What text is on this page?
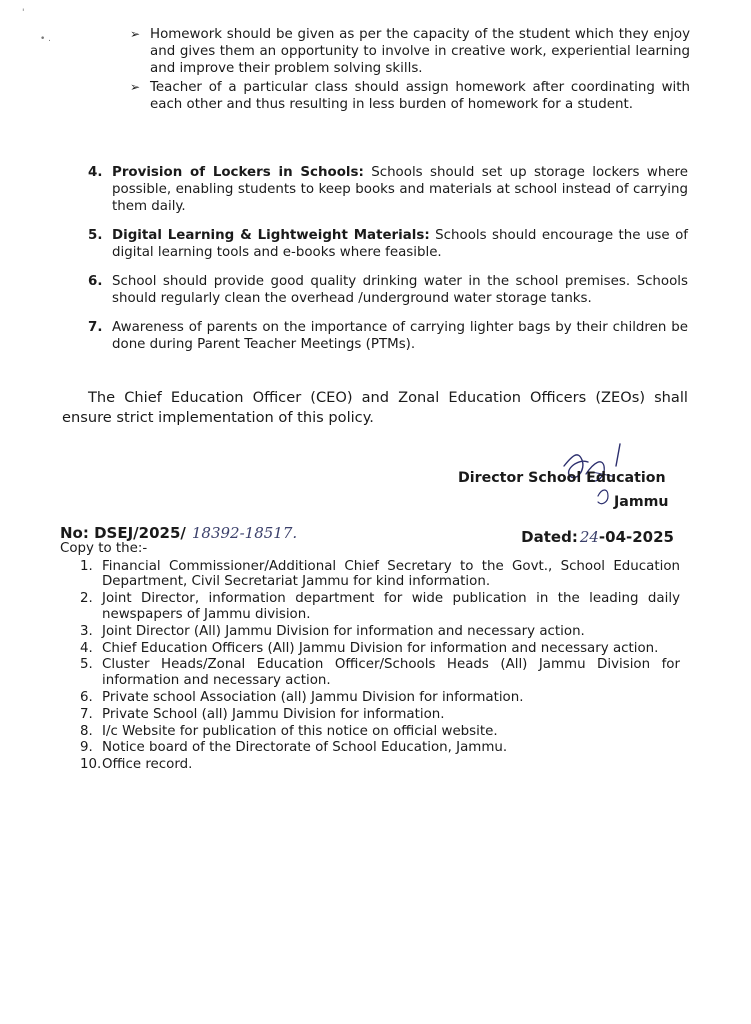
'
• .	➢ Homework should be given as per the capacity of the student which they enjoy and gives them an opportunity to involve in creative work, experiential learning and improve their problem solving skills.
➢ Teacher of a particular class should assign homework after coordinating with each other and thus resulting in less burden of homework for a student.
4. Provision of Lockers in Schools: Schools should set up storage lockers where possible, enabling students to keep books and materials at school instead of carrying them daily.
5. Digital Learning & Lightweight Materials: Schools should encourage the use of digital learning tools and e-books where feasible.
6. School should provide good quality drinking water in the school premises. Schools should regularly clean the overhead /underground water storage tanks.
7. Awareness of parents on the importance of carrying lighter bags by their children be done during Parent Teacher Meetings (PTMs).
The Chief Education Officer (CEO) and Zonal Education Officers (ZEOs) shall ensure strict implementation of this policy.
Director School Education
Jammu
No: DSEJ/2025/ 18392-18517.	Dated: 24-04-2025
Copy to the:-
1. Financial Commissioner/Additional Chief Secretary to the Govt., School Education Department, Civil Secretariat Jammu for kind information.
2. Joint Director, information department for wide publication in the leading daily newspapers of Jammu division.
3. Joint Director (All) Jammu Division for information and necessary action.
4. Chief Education Officers (All) Jammu Division for information and necessary action.
5. Cluster Heads/Zonal Education Officer/Schools Heads (All) Jammu Division for information and necessary action.
6. Private school Association (all) Jammu Division for information.
7. Private School (all) Jammu Division for information.
8. I/c Website for publication of this notice on official website.
9. Notice board of the Directorate of School Education, Jammu.
10. Office record.
